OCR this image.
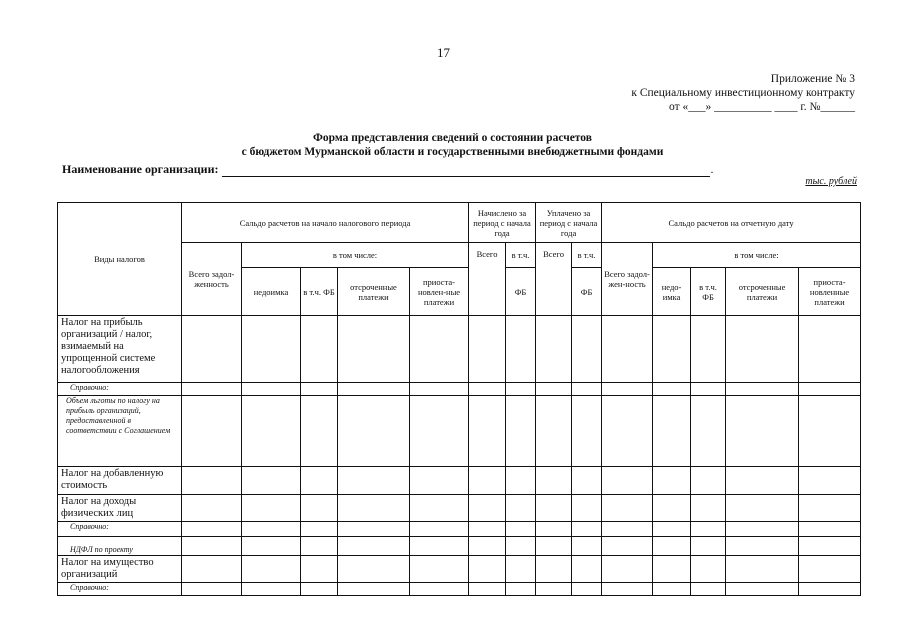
17
Приложение № 3
к Специальному инвестиционному контракту
от «___» __________ ____ г. №______
Форма представления сведений о состоянии расчетов
с бюджетом Мурманской области и государственными внебюджетными фондами
Наименование организации:	.
тыс. рублей
Виды налогов	Сальдо расчетов на начало налогового периода					Начислено за период с начала года		Уплачено за период с начала года		Сальдо расчетов на отчетную дату				
	Всего задол-женность	в том числе:				Всего	в т.ч.	Всего	в т.ч.	Всего задол-жен-ность	в том числе:			
		недоимка	в т.ч. ФБ	отсроченные платежи	приоста-новлен-ные платежи		ФБ		ФБ		недо-имка	в т.ч. ФБ	отсроченные платежи	приоста-новленные платежи
Налог на прибыль организаций / налог, взимаемый на упрощенной системе налогообложения														
Справочно:														
Объем льготы по налогу на прибыль организаций, предоставленной в соответствии с Соглашением														
Налог на добавленную стоимость														
Налог на доходы физических лиц														
Справочно:														
НДФЛ по проекту														
Налог на имущество организаций														
Справочно:														
